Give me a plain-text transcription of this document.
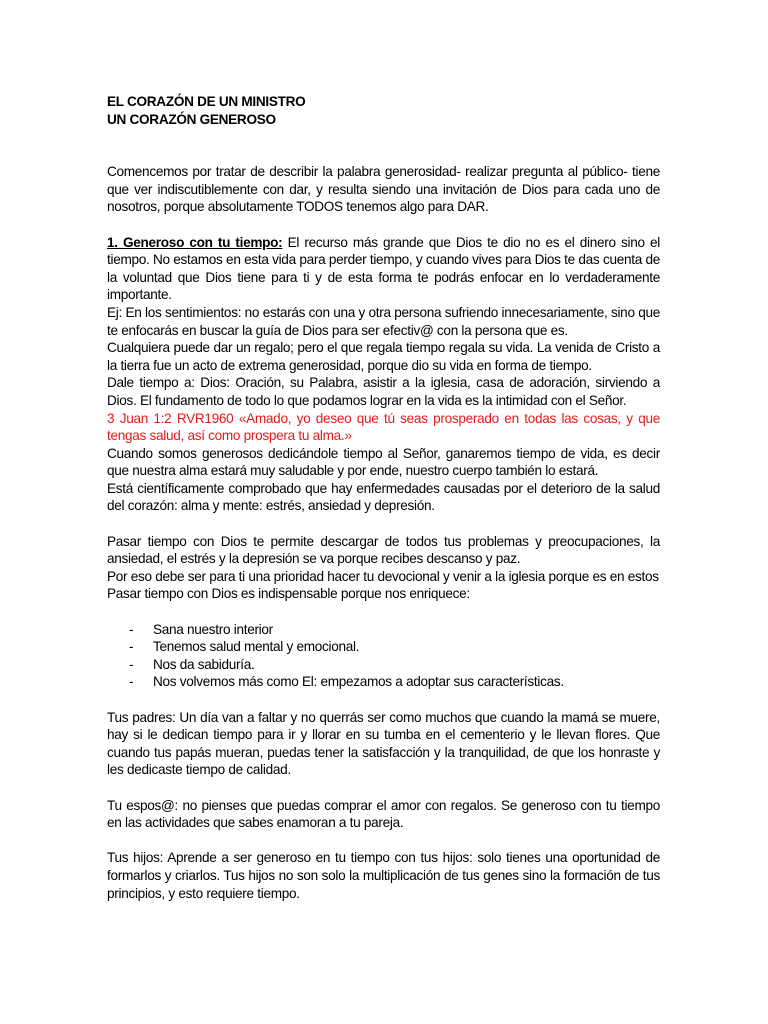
EL CORAZÓN DE UN MINISTRO

UN CORAZÓN GENEROSO

Comencemos por tratar de describir la palabra generosidad- realizar pregunta al público- tiene que ver indiscutiblemente con dar, y resulta siendo una invitación de Dios para cada uno de nosotros, porque absolutamente TODOS tenemos algo para DAR.

1. Generoso con tu tiempo: El recurso más grande que Dios te dio no es el dinero sino el tiempo. No estamos en esta vida para perder tiempo, y cuando vives para Dios te das cuenta de la voluntad que Dios tiene para ti y de esta forma te podrás enfocar en lo verdaderamente importante.

Ej: En los sentimientos: no estarás con una y otra persona sufriendo innecesariamente, sino que te enfocarás en buscar la guía de Dios para ser efectiv@ con la persona que es.

Cualquiera puede dar un regalo; pero el que regala tiempo regala su vida. La venida de Cristo a la tierra fue un acto de extrema generosidad, porque dio su vida en forma de tiempo.

Dale tiempo a: Dios: Oración, su Palabra, asistir a la iglesia, casa de adoración, sirviendo a Dios. El fundamento de todo lo que podamos lograr en la vida es la intimidad con el Señor.

3 Juan 1:2 RVR1960 «Amado, yo deseo que tú seas prosperado en todas las cosas, y que tengas salud, así como prospera tu alma.»

Cuando somos generosos dedicándole tiempo al Señor, ganaremos tiempo de vida, es decir que nuestra alma estará muy saludable y por ende, nuestro cuerpo también lo estará.

Está científicamente comprobado que hay enfermedades causadas por el deterioro de la salud del corazón: alma y mente: estrés, ansiedad y depresión.

Pasar tiempo con Dios te permite descargar de todos tus problemas y preocupaciones, la ansiedad, el estrés y la depresión se va porque recibes descanso y paz.

Por eso debe ser para ti una prioridad hacer tu devocional y venir a la iglesia porque es en estos

Pasar tiempo con Dios es indispensable porque nos enriquece:

- Sana nuestro interior
- Tenemos salud mental y emocional.
- Nos da sabiduría.
- Nos volvemos más como El: empezamos a adoptar sus características.

Tus padres: Un día van a faltar y no querrás ser como muchos que cuando la mamá se muere, hay si le dedican tiempo para ir y llorar en su tumba en el cementerio y le llevan flores. Que cuando tus papás mueran, puedas tener la satisfacción y la tranquilidad, de que los honraste y les dedicaste tiempo de calidad.

Tu espos@: no pienses que puedas comprar el amor con regalos. Se generoso con tu tiempo en las actividades que sabes enamoran a tu pareja.

Tus hijos: Aprende a ser generoso en tu tiempo con tus hijos: solo tienes una oportunidad de formarlos y criarlos. Tus hijos no son solo la multiplicación de tus genes sino la formación de tus principios, y esto requiere tiempo.
